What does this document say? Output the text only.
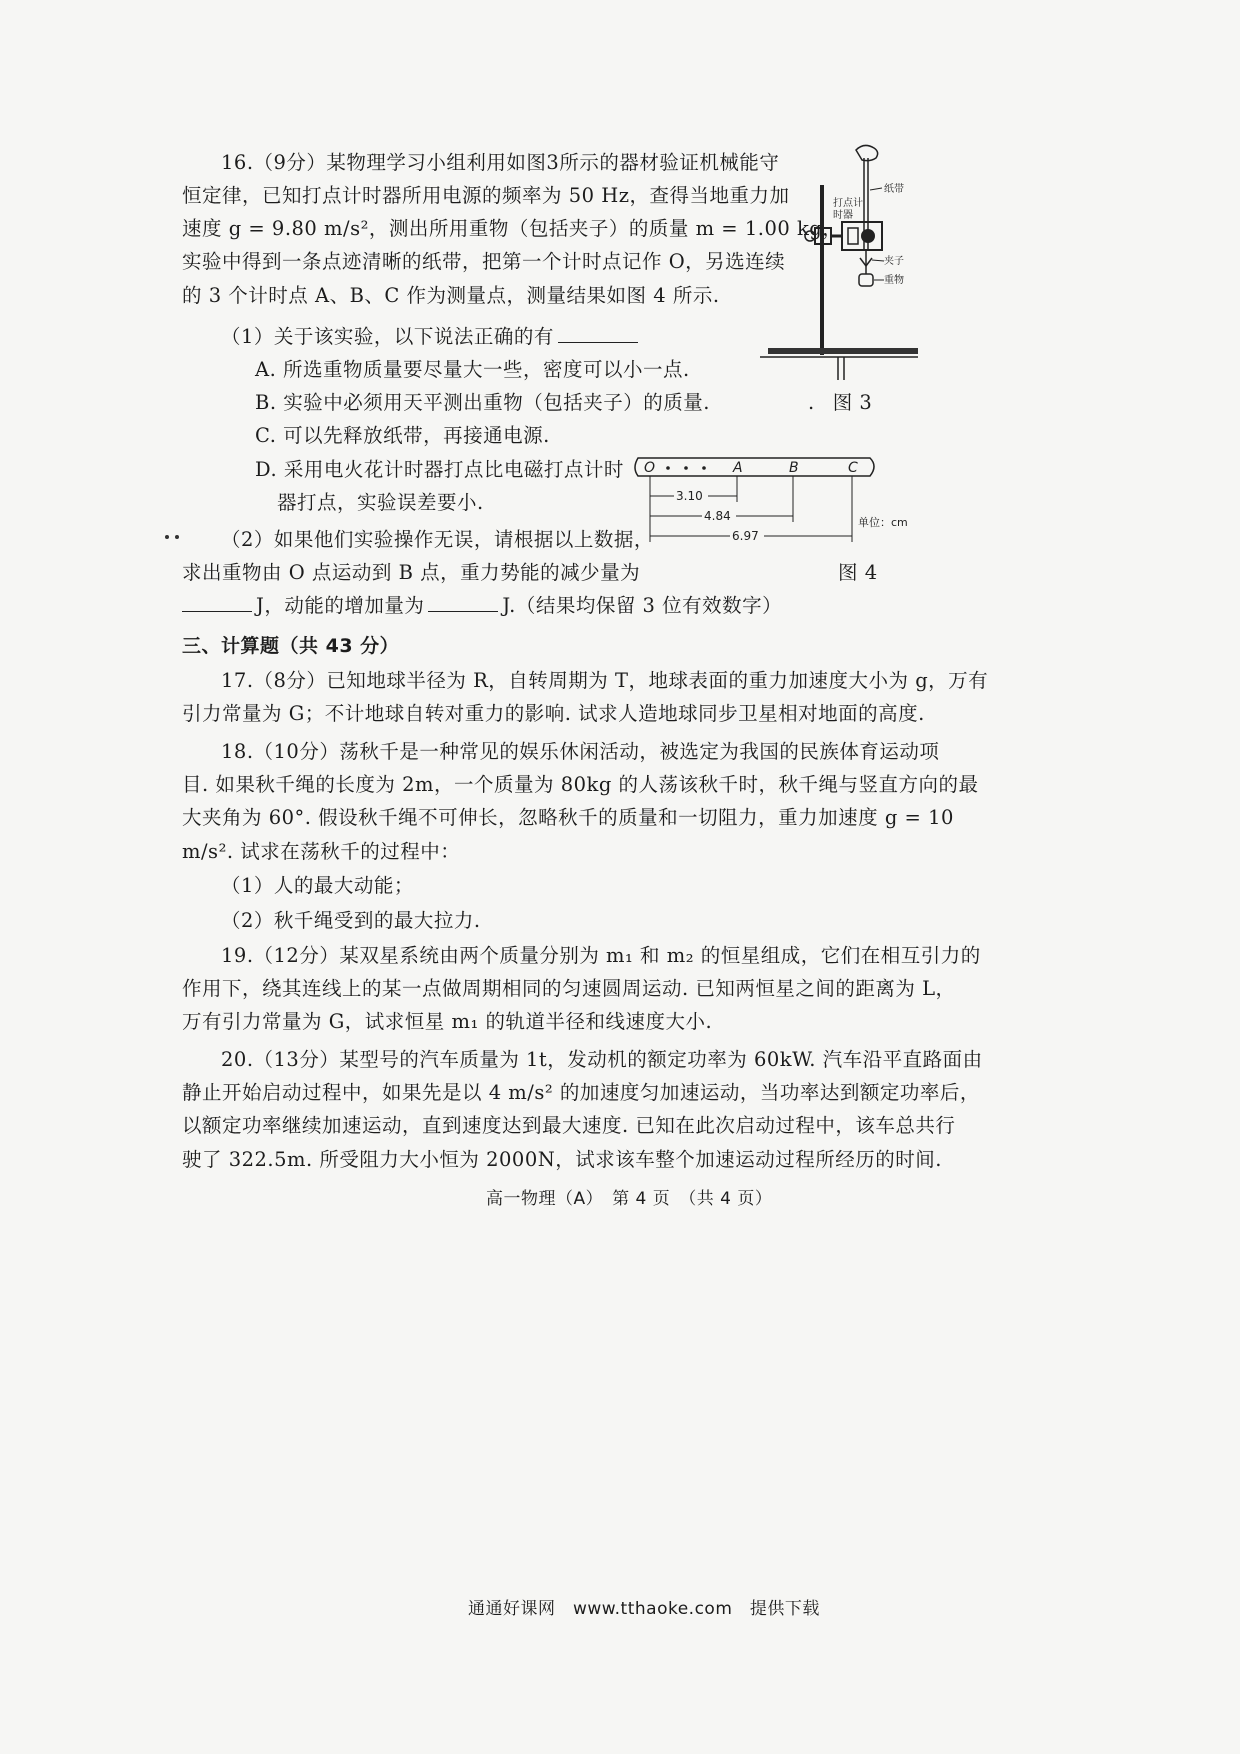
16.（9分）某物理学习小组利用如图3所示的器材验证机械能守
恒定律，已知打点计时器所用电源的频率为 50 Hz，查得当地重力加
速度 g = 9.80 m/s²，测出所用重物（包括夹子）的质量 m = 1.00 kg，
实验中得到一条点迹清晰的纸带，把第一个计时点记作 O，另选连续
的 3 个计时点 A、B、C 作为测量点，测量结果如图 4 所示.
（1）关于该实验，以下说法正确的有
A. 所选重物质量要尽量大一些，密度可以小一点.
B. 实验中必须用天平测出重物（包括夹子）的质量.
C. 可以先释放纸带，再接通电源.
D. 采用电火花计时器打点比电磁打点计时
器打点，实验误差要小.
（2）如果他们实验操作无误，请根据以上数据，
求出重物由 O 点运动到 B 点，重力势能的减少量为
J，动能的增加量为	J.（结果均保留 3 位有效数字）
纸带
打点计
时器
夹子
重物
. 图 3
O	A	B	C
3.10
4.84
6.97
单位：cm
图 4
三、计算题（共 43 分）
17.（8分）已知地球半径为 R，自转周期为 T，地球表面的重力加速度大小为 g，万有
引力常量为 G；不计地球自转对重力的影响. 试求人造地球同步卫星相对地面的高度.
18.（10分）荡秋千是一种常见的娱乐休闲活动，被选定为我国的民族体育运动项
目. 如果秋千绳的长度为 2m，一个质量为 80kg 的人荡该秋千时，秋千绳与竖直方向的最
大夹角为 60°. 假设秋千绳不可伸长，忽略秋千的质量和一切阻力，重力加速度 g = 10
m/s². 试求在荡秋千的过程中：
（1）人的最大动能；
（2）秋千绳受到的最大拉力.
19.（12分）某双星系统由两个质量分别为 m₁ 和 m₂ 的恒星组成，它们在相互引力的
作用下，绕其连线上的某一点做周期相同的匀速圆周运动. 已知两恒星之间的距离为 L，
万有引力常量为 G，试求恒星 m₁ 的轨道半径和线速度大小.
20.（13分）某型号的汽车质量为 1t，发动机的额定功率为 60kW. 汽车沿平直路面由
静止开始启动过程中，如果先是以 4 m/s² 的加速度匀加速运动，当功率达到额定功率后，
以额定功率继续加速运动，直到速度达到最大速度. 已知在此次启动过程中，该车总共行
驶了 322.5m. 所受阻力大小恒为 2000N，试求该车整个加速运动过程所经历的时间.
高一物理（A）　第 4 页　（共 4 页）
通通好课网　www.tthaoke.com　提供下载
